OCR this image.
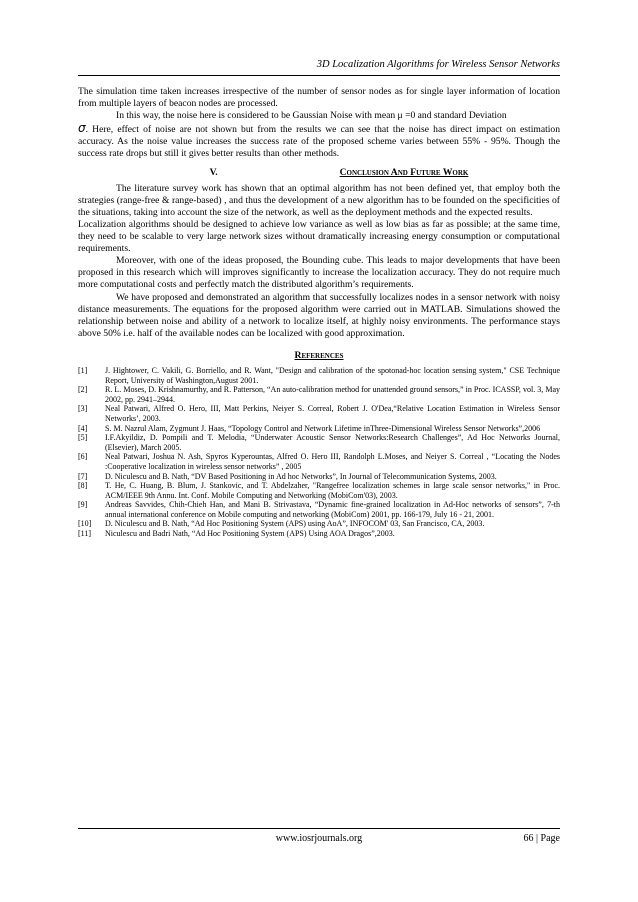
3D Localization Algorithms for Wireless Sensor Networks

The simulation time taken increases irrespective of the number of sensor nodes as for single layer information of location from multiple layers of beacon nodes are processed.

In this way, the noise here is considered to be Gaussian Noise with mean μ =0 and standard Deviation

σ. Here, effect of noise are not shown but from the results we can see that the noise has direct impact on estimation accuracy. As the noise value increases the success rate of the proposed scheme varies between 55% - 95%. Though the success rate drops but still it gives better results than other methods.

V.	Conclusion And Future Work

The literature survey work has shown that an optimal algorithm has not been defined yet, that employ both the strategies (range-free & range-based) , and thus the development of a new algorithm has to be founded on the specificities of the situations, taking into account the size of the network, as well as the deployment methods and the expected results.

Localization algorithms should be designed to achieve low variance as well as low bias as far as possible; at the same time, they need to be scalable to very large network sizes without dramatically increasing energy consumption or computational requirements.

Moreover, with one of the ideas proposed, the Bounding cube. This leads to major developments that have been proposed in this research which will improves significantly to increase the localization accuracy. They do not require much more computational costs and perfectly match the distributed algorithm’s requirements.

We have proposed and demonstrated an algorithm that successfully localizes nodes in a sensor network with noisy distance measurements. The equations for the proposed algorithm were carried out in MATLAB. Simulations showed the relationship between noise and ability of a network to localize itself, at highly noisy environments. The performance stays above 50% i.e. half of the available nodes can be localized with good approximation.

References
[1]	J. Hightower, C. Vakili, G. Borriello, and R. Want, "Design and calibration of the spotonad-hoc location sensing system," CSE Technique Report, University of Washington,August 2001.
[2]	R. L. Moses, D. Krishnamurthy, and R. Patterson, “An auto-calibration method for unattended ground sensors,” in Proc. ICASSP, vol. 3, May 2002, pp. 2941–2944.
[3]	Neal Patwari, Alfred O. Hero, III, Matt Perkins, Neiyer S. Correal, Robert J. O'Dea,“Relative Location Estimation in Wireless Sensor Networks’, 2003.
[4]	S. M. Nazrul Alam, Zygmunt J. Haas, “Topology Control and Network Lifetime inThree-Dimensional Wireless Sensor Networks”,2006
[5]	I.F.Akyildiz, D. Pompili and T. Melodia, “Underwater Acoustic Sensor Networks:Research Challenges”, Ad Hoc Networks Journal, (Elsevier), March 2005.
[6]	Neal Patwari, Joshua N. Ash, Spyros Kyperountas, Alfred O. Hero III, Randolph L.Moses, and Neiyer S. Correal , “Locating the Nodes :Cooperative localization in wireless sensor networks” , 2005
[7]	D. Niculescu and B. Nath, “DV Based Positioning in Ad hoc Networks”, In Journal of Telecommunication Systems, 2003.
[8]	T. He, C. Huang, B. Blum, J. Stankovic, and T. Abdelzaher, "Rangefree localization schemes in large scale sensor networks," in Proc. ACM/IEEE 9th Annu. Int. Conf. Mobile Computing and Networking (MobiCom'03), 2003.
[9]	Andreas Savvides, Chih-Chieh Han, and Mani B. Strivastava, “Dynamic fine-grained localization in Ad-Hoc networks of sensors”, 7-th annual international conference on Mobile computing and networking (MobiCom) 2001, pp. 166-179, July 16 - 21, 2001.
[10]	D. Niculescu and B. Nath, “Ad Hoc Positioning System (APS) using AoA”, INFOCOM' 03, San Francisco, CA, 2003.
[11]	Niculescu and Badri Nath, “Ad Hoc Positioning System (APS) Using AOA Dragos”,2003.
www.iosrjournals.org	66 | Page
